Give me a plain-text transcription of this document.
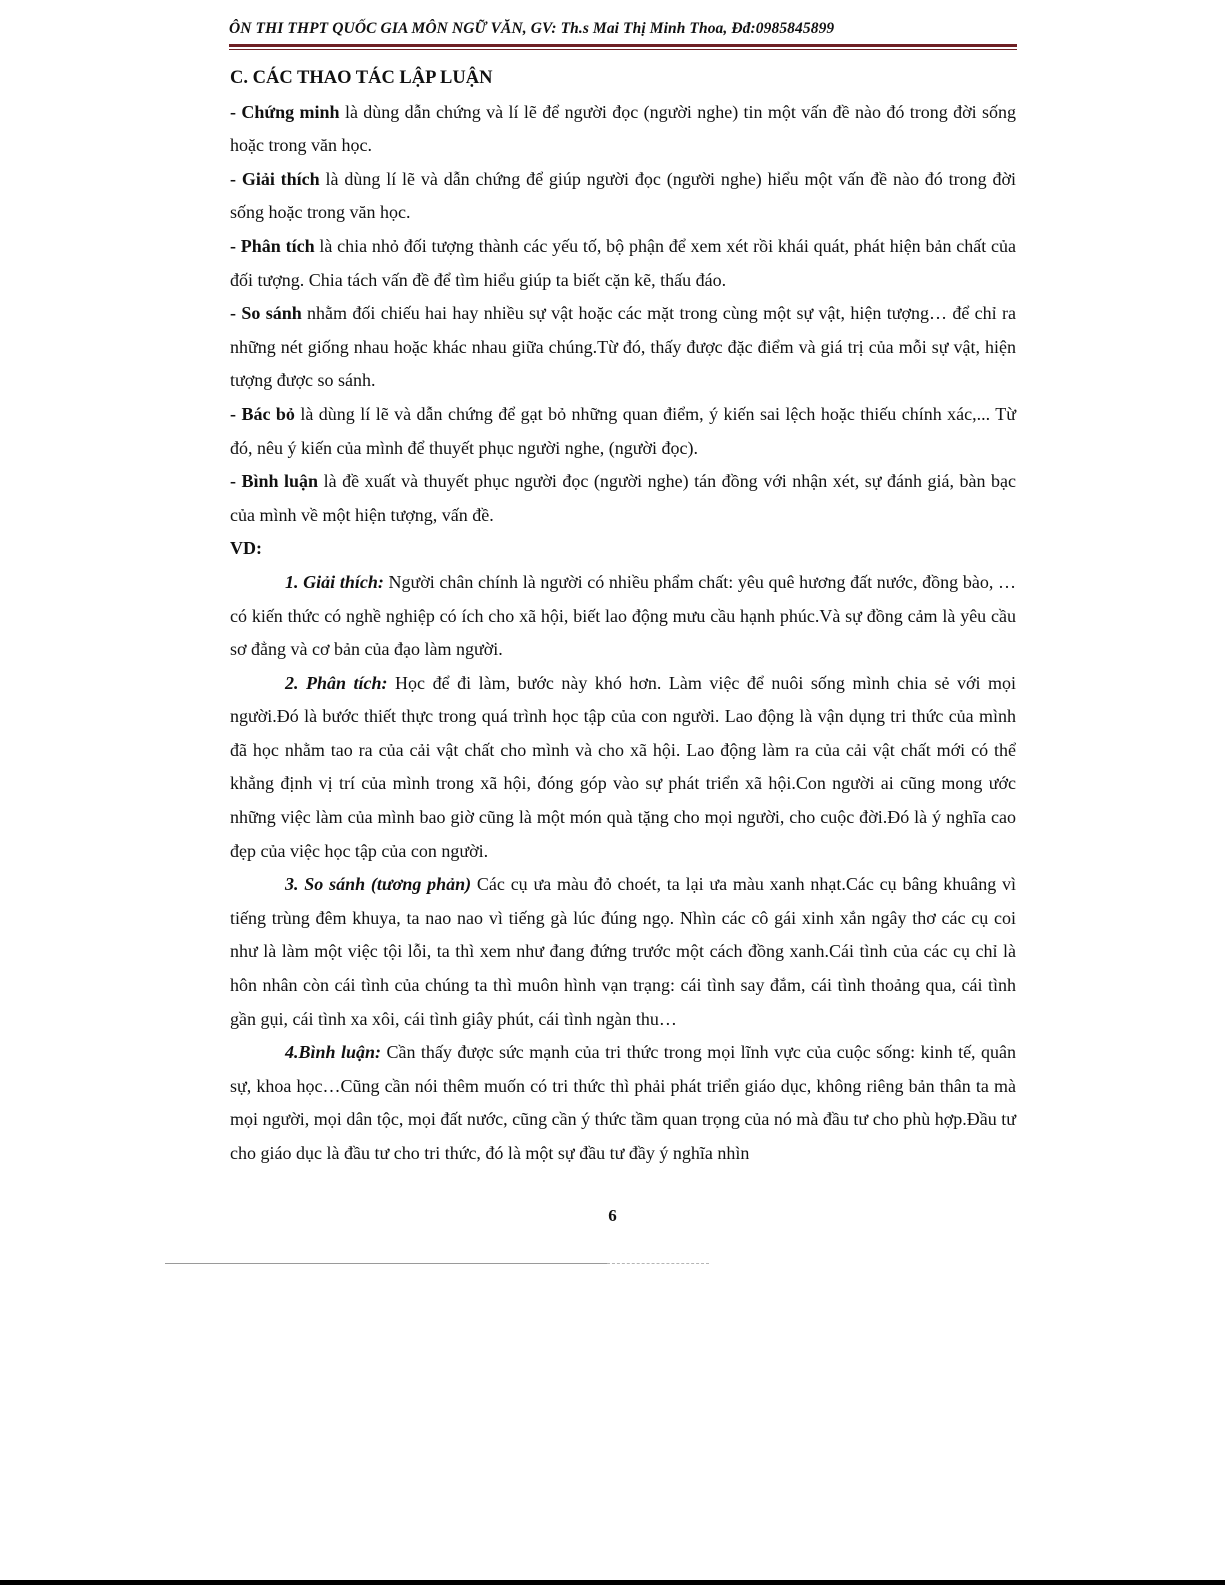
ÔN THI THPT QUỐC GIA MÔN NGỮ VĂN, GV: Th.s Mai Thị Minh Thoa, Đđ:0985845899

C. CÁC THAO TÁC LẬP LUẬN

- Chứng minh là dùng dẫn chứng và lí lẽ để người đọc (người nghe) tin một vấn đề nào đó trong đời sống hoặc trong văn học.

- Giải thích là dùng lí lẽ và dẫn chứng để giúp người đọc (người nghe) hiểu một vấn đề nào đó trong đời sống hoặc trong văn học.

- Phân tích là chia nhỏ đối tượng thành các yếu tố, bộ phận để xem xét rồi khái quát, phát hiện bản chất của đối tượng. Chia tách vấn đề để tìm hiểu giúp ta biết cặn kẽ, thấu đáo.

- So sánh nhằm đối chiếu hai hay nhiều sự vật hoặc các mặt trong cùng một sự vật, hiện tượng… để chỉ ra những nét giống nhau hoặc khác nhau giữa chúng.Từ đó, thấy được đặc điểm và giá trị của mỗi sự vật, hiện tượng được so sánh.

- Bác bỏ là dùng lí lẽ và dẫn chứng để gạt bỏ những quan điểm, ý kiến sai lệch hoặc thiếu chính xác,... Từ đó, nêu ý kiến của mình để thuyết phục người nghe, (người đọc).

- Bình luận là đề xuất và thuyết phục người đọc (người nghe) tán đồng với nhận xét, sự đánh giá, bàn bạc của mình về một hiện tượng, vấn đề.

VD:

1. Giải thích: Người chân chính là người có nhiều phẩm chất: yêu quê hương đất nước, đồng bào, …có kiến thức có nghề nghiệp có ích cho xã hội, biết lao động mưu cầu hạnh phúc.Và sự đồng cảm là yêu cầu sơ đẳng và cơ bản của đạo làm người.

2. Phân tích: Học để đi làm, bước này khó hơn. Làm việc để nuôi sống mình chia sẻ với mọi người.Đó là bước thiết thực trong quá trình học tập của con người. Lao động là vận dụng tri thức của mình đã học nhằm tao ra của cải vật chất cho mình và cho xã hội. Lao động làm ra của cải vật chất mới có thể khẳng định vị trí của mình trong xã hội, đóng góp vào sự phát triển xã hội.Con người ai cũng mong ước những việc làm của mình bao giờ cũng là một món quà tặng cho mọi người, cho cuộc đời.Đó là ý nghĩa cao đẹp của việc học tập của con người.

3. So sánh (tương phản) Các cụ ưa màu đỏ choét, ta lại ưa màu xanh nhạt.Các cụ bâng khuâng vì tiếng trùng đêm khuya, ta nao nao vì tiếng gà lúc đúng ngọ. Nhìn các cô gái xinh xắn ngây thơ các cụ coi như là làm một việc tội lỗi, ta thì xem như đang đứng trước một cách đồng xanh.Cái tình của các cụ chỉ là hôn nhân còn cái tình của chúng ta thì muôn hình vạn trạng: cái tình say đắm, cái tình thoảng qua, cái tình gần gụi, cái tình xa xôi, cái tình giây phút, cái tình ngàn thu…

4.Bình luận: Cần thấy được sức mạnh của tri thức trong mọi lĩnh vực của cuộc sống: kinh tế, quân sự, khoa học…Cũng cần nói thêm muốn có tri thức thì phải phát triển giáo dục, không riêng bản thân ta mà mọi người, mọi dân tộc, mọi đất nước, cũng cần ý thức tầm quan trọng của nó mà đầu tư cho phù hợp.Đầu tư cho giáo dục là đầu tư cho tri thức, đó là một sự đầu tư đầy ý nghĩa nhìn

6
